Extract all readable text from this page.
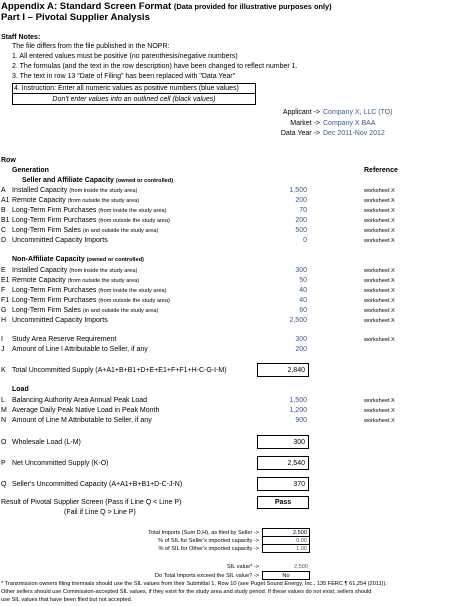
Appendix A: Standard Screen Format (Data provided for illustrative purposes only)
Part I – Pivotal Supplier Analysis
Staff Notes:
The file differs from the file published in the NOPR:
1. All entered values must be positive (no parenthesis/negative numbers)
2. The formulas (and the text in the row description) have been changed to reflect number 1.
3. The text in row 13 "Date of Filing" has been replaced with "Data Year"
4. Instruction: Enter all numeric values as positive numbers (blue values)
Don't enter values into an outlined cell (black values)
Applicant -> Company X, LLC (TO)
Market -> Company X BAA
Data Year -> Dec 2011-Nov 2012
Row
Generation	Reference
Seller and Affiliate Capacity (owned or controlled)
A Installed Capacity (from inside the study area)	1,500	worksheet X
A1 Remote Capacity (from outside the study area)	200	worksheet X
B Long-Term Firm Purchases (from inside the study area)	70	worksheet X
B1 Long-Term Firm Purchases (from outside the study area)	200	worksheet X
C Long-Term Firm Sales (in and outside the study area)	500	worksheet X
D Uncommitted Capacity Imports	0	worksheet X
Non-Affiliate Capacity (owned or controlled)
E Installed Capacity (from inside the study area)	300	worksheet X
E1 Remote Capacity (from outside the study area)	50	worksheet X
F Long-Term Firm Purchases (from inside the study area)	40	worksheet X
F1 Long-Term Firm Purchases (from outside the study area)	40	worksheet X
G Long-Term Firm Sales (in and outside the study area)	60	worksheet X
H Uncommitted Capacity Imports	2,500	worksheet X
I	Study Area Reserve Requirement	300	worksheet X
J	Amount of Line I Attributable to Seller, if any	200
K Total Uncommitted Supply (A+A1+B+B1+D+E+E1+F+F1+H-C-G-I-M)	2,840
Load
L	Balancing Authority Area Annual Peak Load	1,500	worksheet X
M Average Daily Peak Native Load in Peak Month	1,200	worksheet X
N Amount of Line M Attributable to Seller, if any	900	worksheet X
O Wholesale Load (L-M)	300
P Net Uncommitted Supply (K-O)	2,540
Q Seller's Uncommitted Capacity (A+A1+B+B1+D-C-J-N)	370
Result of Pivotal Supplier Screen (Pass if Line Q < Line P)	Pass
(Fail if Line Q > Line P)
Total Imports (Sum D,H), as filed by Seller ->	2,500
% of SIL for Seller's imported capacity ->	0.00
% of SIL for Other's imported capacity ->	1.00
SIL value* ->	2,500
Do Total Imports exceed the SIL value? ->	No
* Transmission owners filing triennials should use the SIL values from their Submittal 1, Row 10 (see Puget Sound Energy, Inc., 135 FERC ¶ 61,254 (2011)).
Other sellers should use Commission-accepted SIL values, if they exist for the study area and study period. If these values do not exist, sellers should
use SIL values that have been filed but not accepted.
